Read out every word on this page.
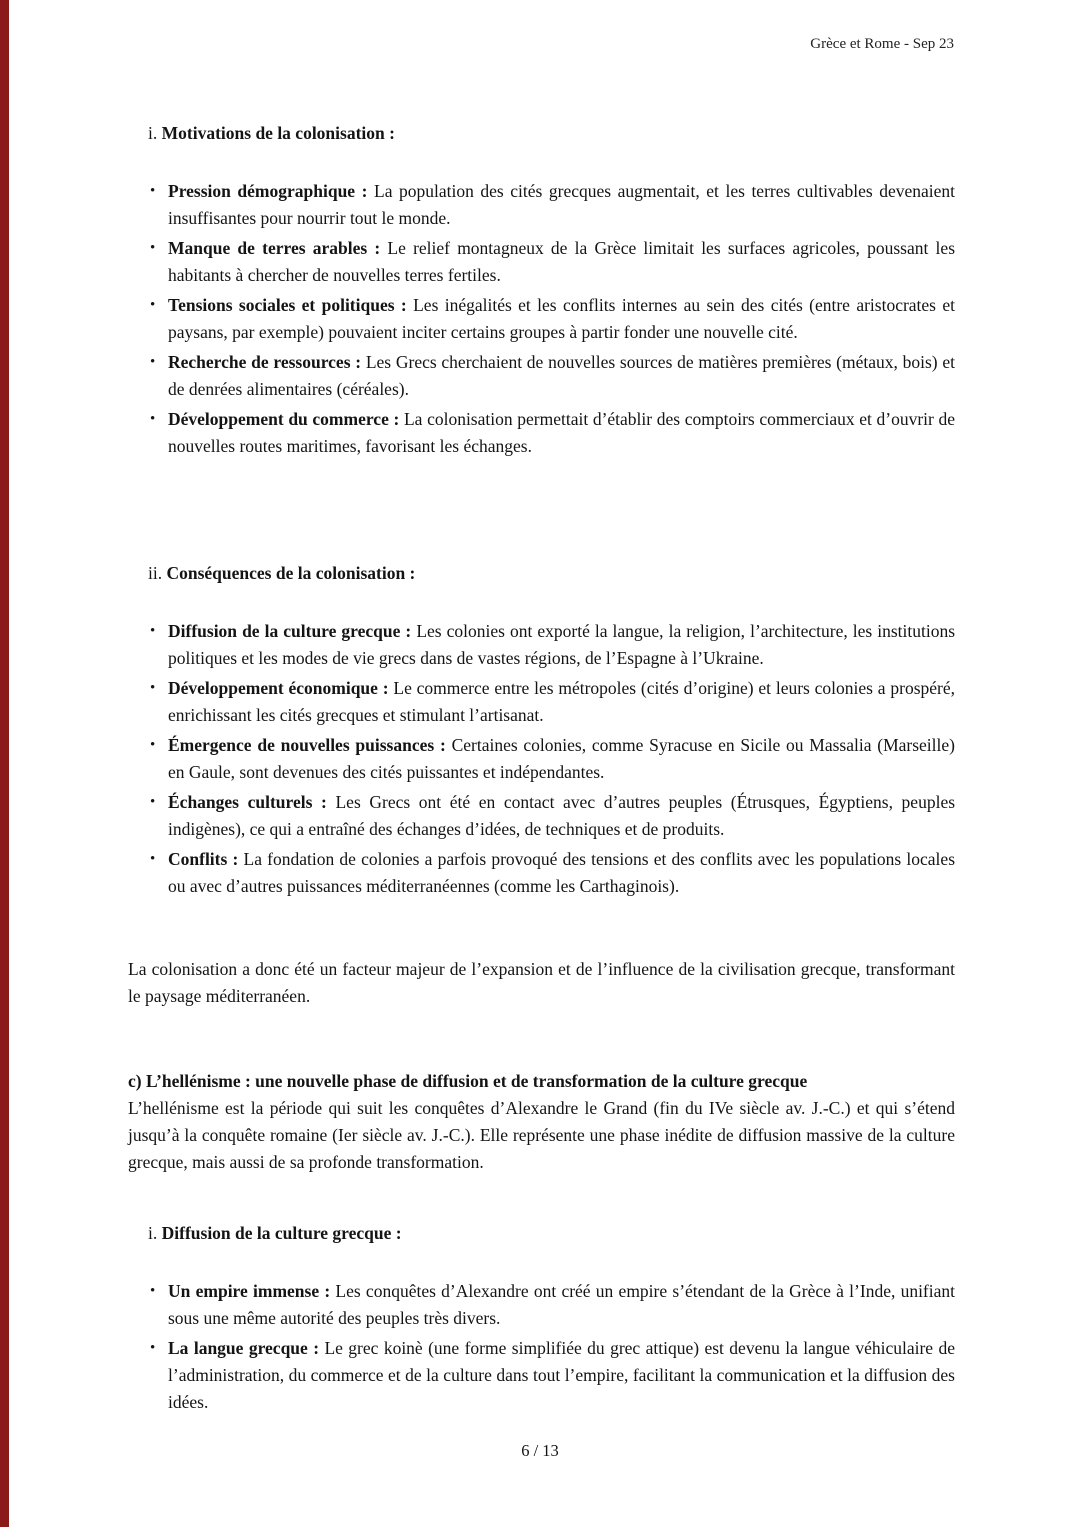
Grèce et Rome - Sep 23
i. Motivations de la colonisation :
• Pression démographique : La population des cités grecques augmentait, et les terres cultivables devenaient insuffisantes pour nourrir tout le monde.
• Manque de terres arables : Le relief montagneux de la Grèce limitait les surfaces agricoles, poussant les habitants à chercher de nouvelles terres fertiles.
• Tensions sociales et politiques : Les inégalités et les conflits internes au sein des cités (entre aristocrates et paysans, par exemple) pouvaient inciter certains groupes à partir fonder une nouvelle cité.
• Recherche de ressources : Les Grecs cherchaient de nouvelles sources de matières premières (métaux, bois) et de denrées alimentaires (céréales).
• Développement du commerce : La colonisation permettait d’établir des comptoirs commerciaux et d’ouvrir de nouvelles routes maritimes, favorisant les échanges.
ii. Conséquences de la colonisation :
• Diffusion de la culture grecque : Les colonies ont exporté la langue, la religion, l’architecture, les institutions politiques et les modes de vie grecs dans de vastes régions, de l’Espagne à l’Ukraine.
• Développement économique : Le commerce entre les métropoles (cités d’origine) et leurs colonies a prospéré, enrichissant les cités grecques et stimulant l’artisanat.
• Émergence de nouvelles puissances : Certaines colonies, comme Syracuse en Sicile ou Massalia (Marseille) en Gaule, sont devenues des cités puissantes et indépendantes.
• Échanges culturels : Les Grecs ont été en contact avec d’autres peuples (Étrusques, Égyptiens, peuples indigènes), ce qui a entraîné des échanges d’idées, de techniques et de produits.
• Conflits : La fondation de colonies a parfois provoqué des tensions et des conflits avec les populations locales ou avec d’autres puissances méditerranéennes (comme les Carthaginois).

La colonisation a donc été un facteur majeur de l’expansion et de l’influence de la civilisation grecque, transformant le paysage méditerranéen.

c) L’hellénisme : une nouvelle phase de diffusion et de transformation de la culture grecque
L’hellénisme est la période qui suit les conquêtes d’Alexandre le Grand (fin du IVe siècle av. J.-C.) et qui s’étend jusqu’à la conquête romaine (Ier siècle av. J.-C.). Elle représente une phase inédite de diffusion massive de la culture grecque, mais aussi de sa profonde transformation.
i. Diffusion de la culture grecque :
• Un empire immense : Les conquêtes d’Alexandre ont créé un empire s’étendant de la Grèce à l’Inde, unifiant sous une même autorité des peuples très divers.
• La langue grecque : Le grec koinè (une forme simplifiée du grec attique) est devenu la langue véhiculaire de l’administration, du commerce et de la culture dans tout l’empire, facilitant la communication et la diffusion des idées.
6 / 13
